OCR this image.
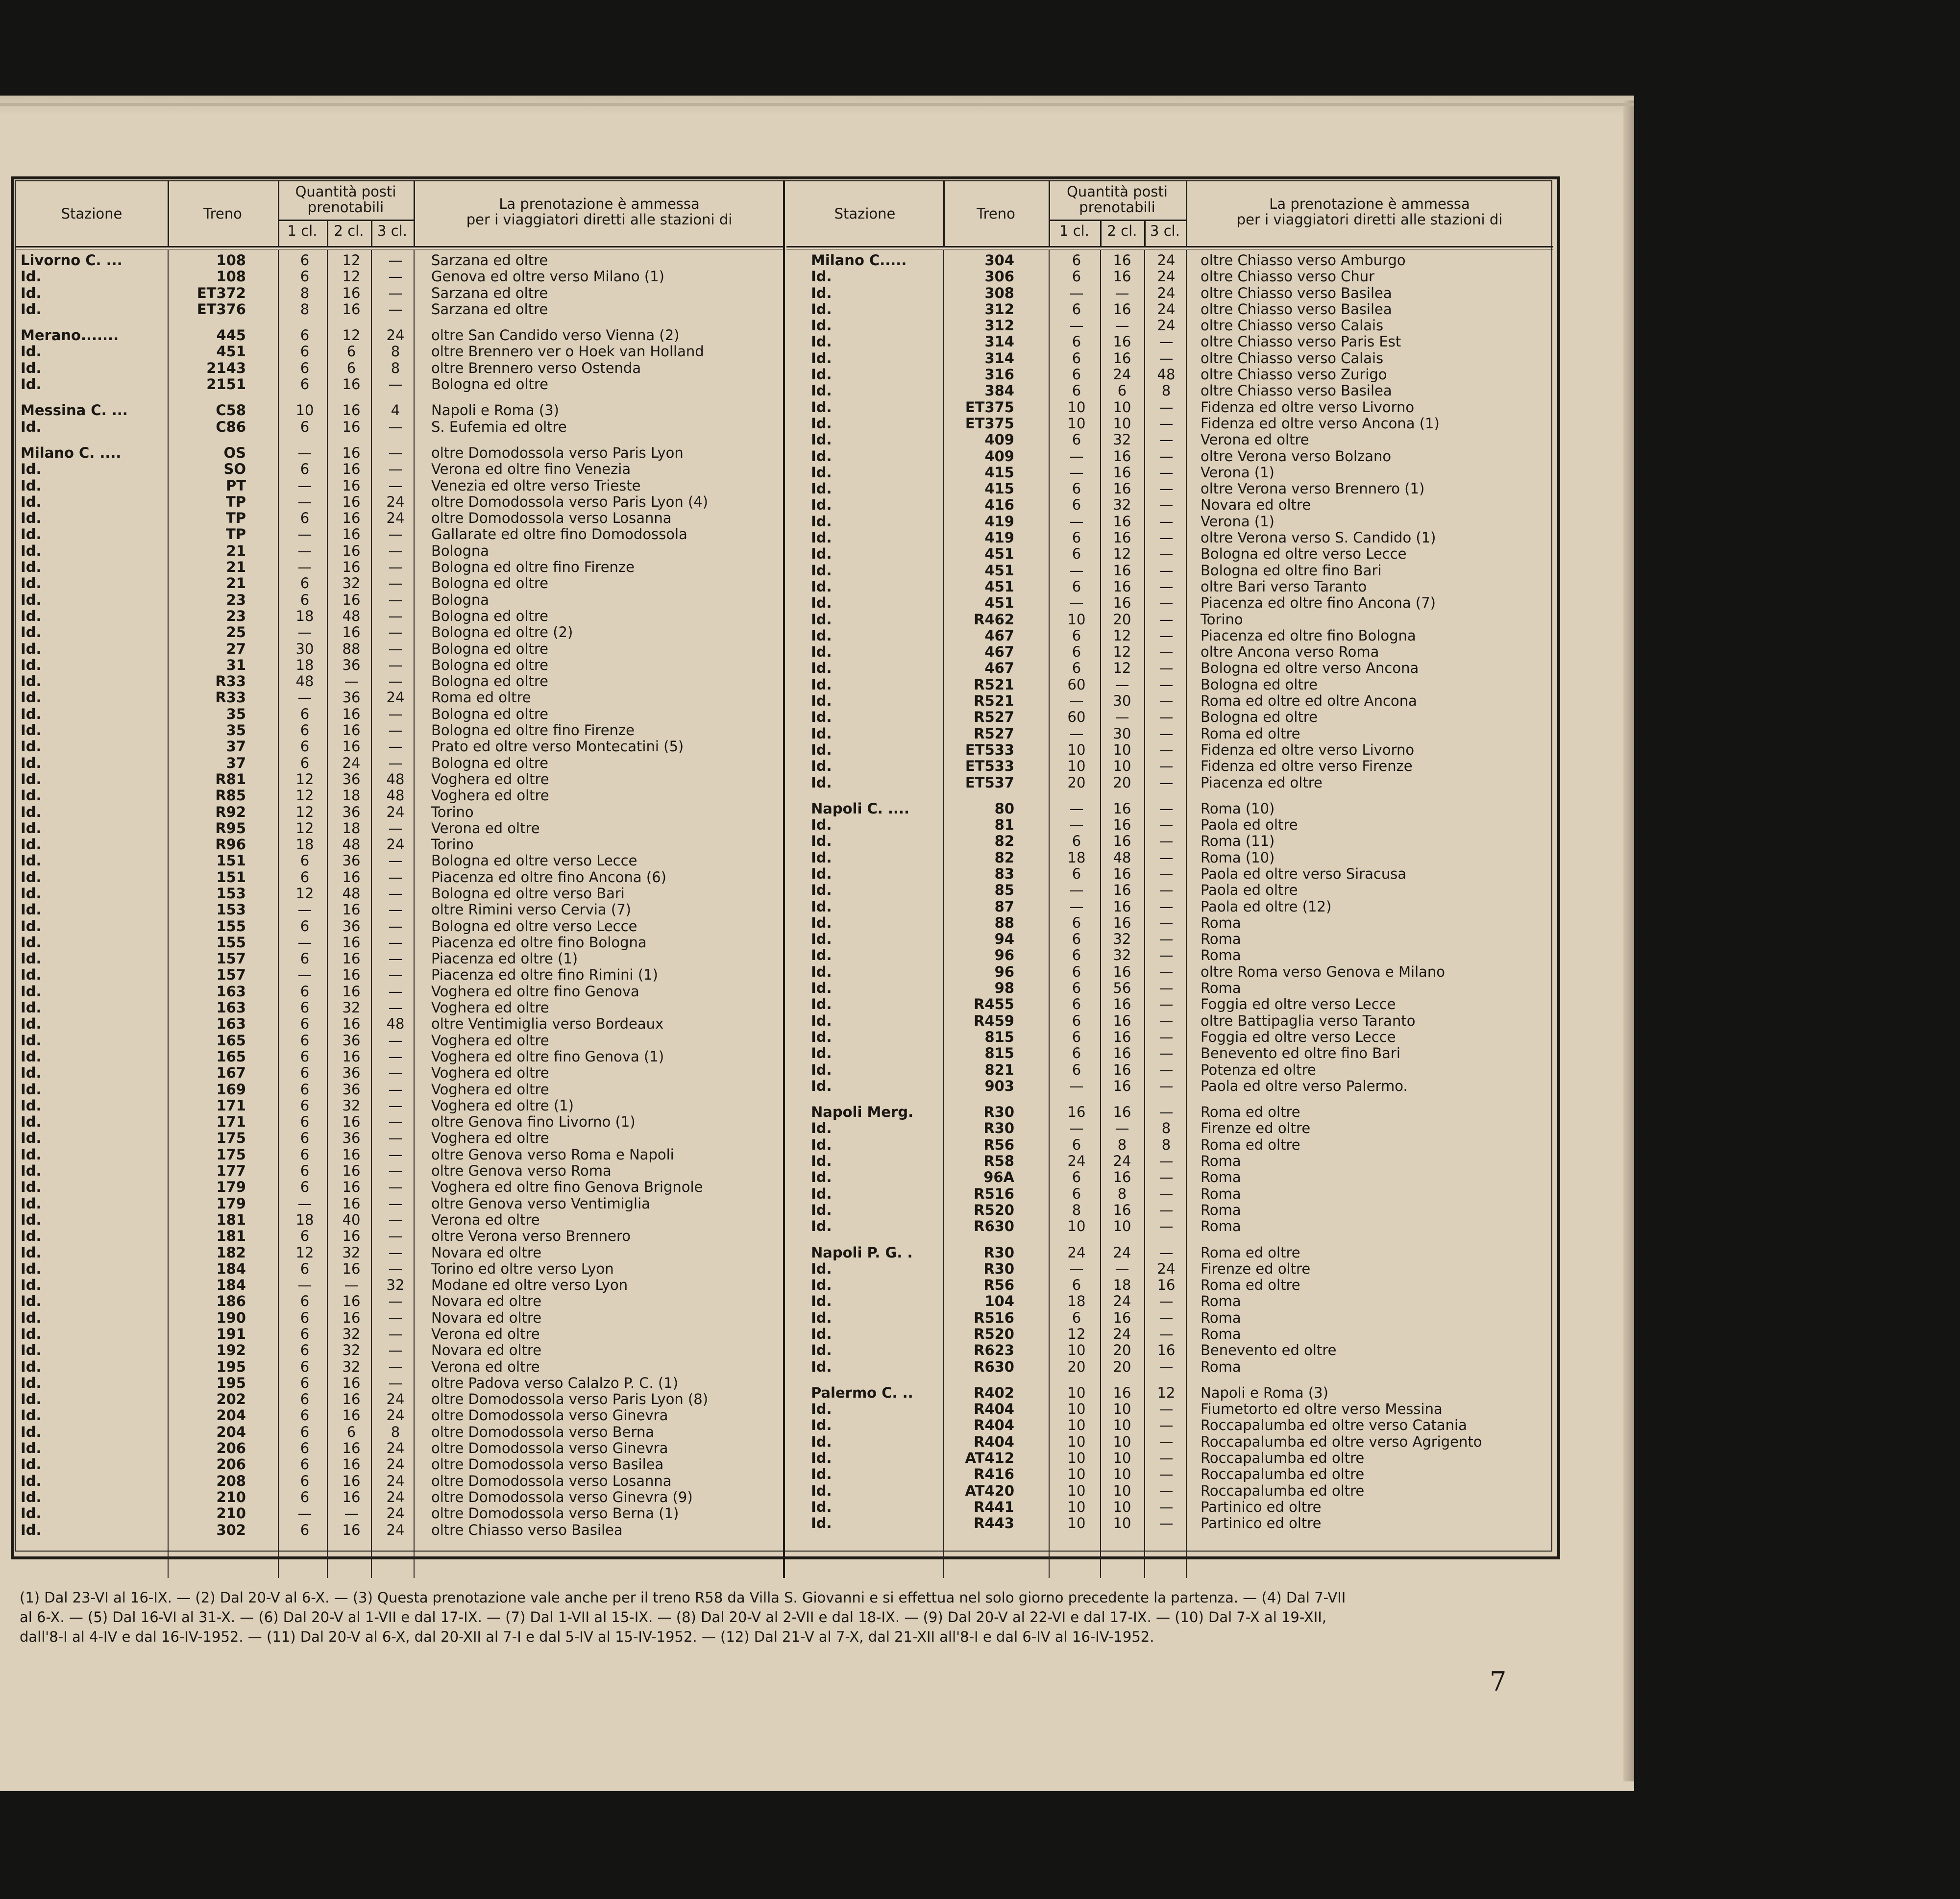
Stazione	Treno
Quantità posti
prenotabili
1 cl.	2 cl. 3 cl.
La prenotazione è ammessa
per i viaggiatori diretti alle stazioni di
Livorno C. ...	108	6	12	—	Sarzana ed oltre
Id.	108	6	12	—	Genova ed oltre verso Milano (1)
Id.	ET372	8	16	—	Sarzana ed oltre
Id.	ET376	8	16	—	Sarzana ed oltre
Merano.......	445	6	12	24	oltre San Candido verso Vienna (2)
Id.	451	6	6	8	oltre Brennero ver o Hoek van Holland
Id.	2143	6	6	8	oltre Brennero verso Ostenda
Id.	2151	6	16	—	Bologna ed oltre
Messina C. ...	C58	10	16	4	Napoli e Roma (3)
Id.	C86	6	16	—	S. Eufemia ed oltre
Milano C. ....	OS	—	16	—	oltre Domodossola verso Paris Lyon
Id.	SO	6	16	—	Verona ed oltre fino Venezia
Id.	PT	—	16	—	Venezia ed oltre verso Trieste
Id.	TP	—	16	24	oltre Domodossola verso Paris Lyon (4)
Id.	TP	6	16	24	oltre Domodossola verso Losanna
Id.	TP	—	16	—	Gallarate ed oltre fino Domodossola
Id.	21	—	16	—	Bologna
Id.	21	—	16	—	Bologna ed oltre fino Firenze
Id.	21	6	32	—	Bologna ed oltre
Id.	23	6	16	—	Bologna
Id.	23	18	48	—	Bologna ed oltre
Id.	25	—	16	—	Bologna ed oltre (2)
Id.	27	30	88	—	Bologna ed oltre
Id.	31	18	36	—	Bologna ed oltre
Id.	R33	48	—	—	Bologna ed oltre
Id.	R33	—	36	24	Roma ed oltre
Id.	35	6	16	—	Bologna ed oltre
Id.	35	6	16	—	Bologna ed oltre fino Firenze
Id.	37	6	16	—	Prato ed oltre verso Montecatini (5)
Id.	37	6	24	—	Bologna ed oltre
Id.	R81	12	36	48	Voghera ed oltre
Id.	R85	12	18	48	Voghera ed oltre
Id.	R92	12	36	24	Torino
Id.	R95	12	18	—	Verona ed oltre
Id.	R96	18	48	24	Torino
Id.	151	6	36	—	Bologna ed oltre verso Lecce
Id.	151	6	16	—	Piacenza ed oltre fino Ancona (6)
Id.	153	12	48	—	Bologna ed oltre verso Bari
Id.	153	—	16	—	oltre Rimini verso Cervia (7)
Id.	155	6	36	—	Bologna ed oltre verso Lecce
Id.	155	—	16	—	Piacenza ed oltre fino Bologna
Id.	157	6	16	—	Piacenza ed oltre (1)
Id.	157	—	16	—	Piacenza ed oltre fino Rimini (1)
Id.	163	6	16	—	Voghera ed oltre fino Genova
Id.	163	6	32	—	Voghera ed oltre
Id.	163	6	16	48	oltre Ventimiglia verso Bordeaux
Id.	165	6	36	—	Voghera ed oltre
Id.	165	6	16	—	Voghera ed oltre fino Genova (1)
Id.	167	6	36	—	Voghera ed oltre
Id.	169	6	36	—	Voghera ed oltre
Id.	171	6	32	—	Voghera ed oltre (1)
Id.	171	6	16	—	oltre Genova fino Livorno (1)
Id.	175	6	36	—	Voghera ed oltre
Id.	175	6	16	—	oltre Genova verso Roma e Napoli
Id.	177	6	16	—	oltre Genova verso Roma
Id.	179	6	16	—	Voghera ed oltre fino Genova Brignole
Id.	179	—	16	—	oltre Genova verso Ventimiglia
Id.	181	18	40	—	Verona ed oltre
Id.	181	6	16	—	oltre Verona verso Brennero
Id.	182	12	32	—	Novara ed oltre
Id.	184	6	16	—	Torino ed oltre verso Lyon
Id.	184	—	—	32	Modane ed oltre verso Lyon
Id.	186	6	16	—	Novara ed oltre
Id.	190	6	16	—	Novara ed oltre
Id.	191	6	32	—	Verona ed oltre
Id.	192	6	32	—	Novara ed oltre
Id.	195	6	32	—	Verona ed oltre
Id.	195	6	16	—	oltre Padova verso Calalzo P. C. (1)
Id.	202	6	16	24	oltre Domodossola verso Paris Lyon (8)
Id.	204	6	16	24	oltre Domodossola verso Ginevra
Id.	204	6	6	8	oltre Domodossola verso Berna
Id.	206	6	16	24	oltre Domodossola verso Ginevra
Id.	206	6	16	24	oltre Domodossola verso Basilea
Id.	208	6	16	24	oltre Domodossola verso Losanna
Id.	210	6	16	24	oltre Domodossola verso Ginevra (9)
Id.	210	—	—	24	oltre Domodossola verso Berna (1)
Id.	302	6	16	24	oltre Chiasso verso Basilea
Stazione	Treno
Quantità posti
prenotabili
1 cl.	2 cl. 3 cl.
La prenotazione è ammessa
per i viaggiatori diretti alle stazioni di
Milano C.....	304	6	16	24	oltre Chiasso verso Amburgo
Id.	306	6	16	24	oltre Chiasso verso Chur
Id.	308	—	—	24	oltre Chiasso verso Basilea
Id.	312	6	16	24	oltre Chiasso verso Basilea
Id.	312	—	—	24	oltre Chiasso verso Calais
Id.	314	6	16	—	oltre Chiasso verso Paris Est
Id.	314	6	16	—	oltre Chiasso verso Calais
Id.	316	6	24	48	oltre Chiasso verso Zurigo
Id.	384	6	6	8	oltre Chiasso verso Basilea
Id.	ET375	10	10	—	Fidenza ed oltre verso Livorno
Id.	ET375	10	10	—	Fidenza ed oltre verso Ancona (1)
Id.	409	6	32	—	Verona ed oltre
Id.	409	—	16	—	oltre Verona verso Bolzano
Id.	415	—	16	—	Verona (1)
Id.	415	6	16	—	oltre Verona verso Brennero (1)
Id.	416	6	32	—	Novara ed oltre
Id.	419	—	16	—	Verona (1)
Id.	419	6	16	—	oltre Verona verso S. Candido (1)
Id.	451	6	12	—	Bologna ed oltre verso Lecce
Id.	451	—	16	—	Bologna ed oltre fino Bari
Id.	451	6	16	—	oltre Bari verso Taranto
Id.	451	—	16	—	Piacenza ed oltre fino Ancona (7)
Id.	R462	10	20	—	Torino
Id.	467	6	12	—	Piacenza ed oltre fino Bologna
Id.	467	6	12	—	oltre Ancona verso Roma
Id.	467	6	12	—	Bologna ed oltre verso Ancona
Id.	R521	60	—	—	Bologna ed oltre
Id.	R521	—	30	—	Roma ed oltre ed oltre Ancona
Id.	R527	60	—	—	Bologna ed oltre
Id.	R527	—	30	—	Roma ed oltre
Id.	ET533	10	10	—	Fidenza ed oltre verso Livorno
Id.	ET533	10	10	—	Fidenza ed oltre verso Firenze
Id.	ET537	20	20	—	Piacenza ed oltre
Napoli C. ....	80	—	16	—	Roma (10)
Id.	81	—	16	—	Paola ed oltre
Id.	82	6	16	—	Roma (11)
Id.	82	18	48	—	Roma (10)
Id.	83	6	16	—	Paola ed oltre verso Siracusa
Id.	85	—	16	—	Paola ed oltre
Id.	87	—	16	—	Paola ed oltre (12)
Id.	88	6	16	—	Roma
Id.	94	6	32	—	Roma
Id.	96	6	32	—	Roma
Id.	96	6	16	—	oltre Roma verso Genova e Milano
Id.	98	6	56	—	Roma
Id.	R455	6	16	—	Foggia ed oltre verso Lecce
Id.	R459	6	16	—	oltre Battipaglia verso Taranto
Id.	815	6	16	—	Foggia ed oltre verso Lecce
Id.	815	6	16	—	Benevento ed oltre fino Bari
Id.	821	6	16	—	Potenza ed oltre
Id.	903	—	16	—	Paola ed oltre verso Palermo.
Napoli Merg.	R30	16	16	—	Roma ed oltre
Id.	R30	—	—	8	Firenze ed oltre
Id.	R56	6	8	8	Roma ed oltre
Id.	R58	24	24	—	Roma
Id.	96A	6	16	—	Roma
Id.	R516	6	8	—	Roma
Id.	R520	8	16	—	Roma
Id.	R630	10	10	—	Roma
Napoli P. G. .	R30	24	24	—	Roma ed oltre
Id.	R30	—	—	24	Firenze ed oltre
Id.	R56	6	18	16	Roma ed oltre
Id.	104	18	24	—	Roma
Id.	R516	6	16	—	Roma
Id.	R520	12	24	—	Roma
Id.	R623	10	20	16	Benevento ed oltre
Id.	R630	20	20	—	Roma
Palermo C. ..	R402	10	16	12	Napoli e Roma (3)
Id.	R404	10	10	—	Fiumetorto ed oltre verso Messina
Id.	R404	10	10	—	Roccapalumba ed oltre verso Catania
Id.	R404	10	10	—	Roccapalumba ed oltre verso Agrigento
Id.	AT412	10	10	—	Roccapalumba ed oltre
Id.	R416	10	10	—	Roccapalumba ed oltre
Id.	AT420	10	10	—	Roccapalumba ed oltre
Id.	R441	10	10	—	Partinico ed oltre
Id.	R443	10	10	—	Partinico ed oltre
(1) Dal 23-VI al 16-IX. — (2) Dal 20-V al 6-X. — (3) Questa prenotazione vale anche per il treno R58 da Villa S. Giovanni e si effettua nel solo giorno precedente la partenza. — (4) Dal 7-VII
al 6-X. — (5) Dal 16-VI al 31-X. — (6) Dal 20-V al 1-VII e dal 17-IX. — (7) Dal 1-VII al 15-IX. — (8) Dal 20-V al 2-VII e dal 18-IX. — (9) Dal 20-V al 22-VI e dal 17-IX. — (10) Dal 7-X al 19-XII,
dall'8-I al 4-IV e dal 16-IV-1952. — (11) Dal 20-V al 6-X, dal 20-XII al 7-I e dal 5-IV al 15-IV-1952. — (12) Dal 21-V al 7-X, dal 21-XII all'8-I e dal 6-IV al 16-IV-1952.
7
